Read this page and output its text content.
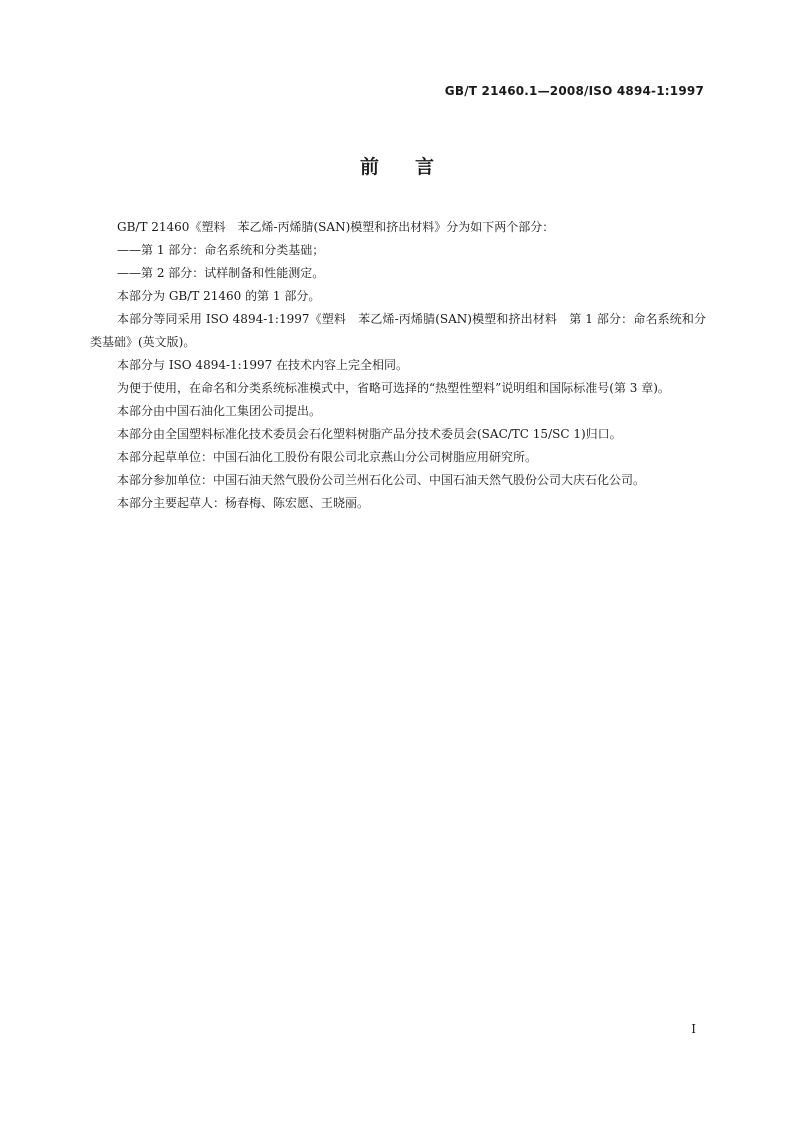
GB/T 21460.1—2008/ISO 4894-1:1997
前言

GB/T 21460《塑料　苯乙烯-丙烯腈(SAN)模塑和挤出材料》分为如下两个部分：

——第 1 部分：命名系统和分类基础；

——第 2 部分：试样制备和性能测定。

本部分为 GB/T 21460 的第 1 部分。

本部分等同采用 ISO 4894-1:1997《塑料　苯乙烯-丙烯腈(SAN)模塑和挤出材料　第 1 部分：命名系统和分类基础》(英文版)。

本部分与 ISO 4894-1:1997 在技术内容上完全相同。

为便于使用，在命名和分类系统标准模式中，省略可选择的“热塑性塑料”说明组和国际标准号(第 3 章)。

本部分由中国石油化工集团公司提出。

本部分由全国塑料标准化技术委员会石化塑料树脂产品分技术委员会(SAC/TC 15/SC 1)归口。

本部分起草单位：中国石油化工股份有限公司北京燕山分公司树脂应用研究所。

本部分参加单位：中国石油天然气股份公司兰州石化公司、中国石油天然气股份公司大庆石化公司。

本部分主要起草人：杨春梅、陈宏愿、王晓丽。

I
